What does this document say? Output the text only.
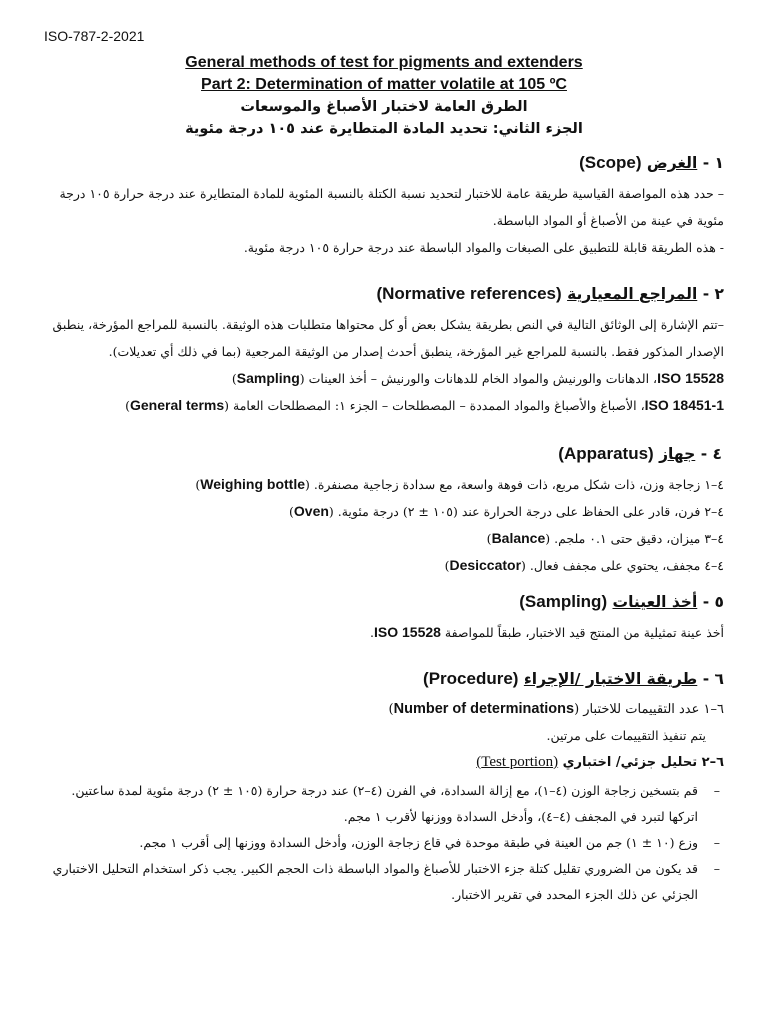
ISO-787-2-2021

General methods of test for pigments and extenders

Part 2: Determination of matter volatile at 105 ºC

الطرق العامة لاختبار الأصباغ والموسعات

الجزء الثاني: تحديد المادة المتطايرة عند ١٠٥ درجة مئوية

١ - الغرض (Scope)

– حدد هذه المواصفة القياسية طريقة عامة للاختبار لتحديد نسبة الكتلة بالنسبة المئوية للمادة المتطايرة عند درجة حرارة ١٠٥ درجة مئوية في عينة من الأصباغ أو المواد الباسطة.

- هذه الطريقة قابلة للتطبيق على الصبغات والمواد الباسطة عند درجة حرارة ١٠٥ درجة مئوية.

٢ - المراجع المعيارية (Normative references)

–تتم الإشارة إلى الوثائق التالية في النص بطريقة يشكل بعض أو كل محتواها متطلبات هذه الوثيقة. بالنسبة للمراجع المؤرخة، ينطبق الإصدار المذكور فقط. بالنسبة للمراجع غير المؤرخة، ينطبق أحدث إصدار من الوثيقة المرجعية (بما في ذلك أي تعديلات).

ISO 15528، الدهانات والورنيش والمواد الخام للدهانات والورنيش – أخذ العينات (Sampling)

ISO 18451-1، الأصباغ والأصباغ والمواد الممددة – المصطلحات – الجزء ١: المصطلحات العامة (General terms)

٤ - جهاز (Apparatus)

٤–١ زجاجة وزن، ذات شكل مربع، ذات فوهة واسعة، مع سدادة زجاجية مصنفرة. (Weighing bottle)

٤–٢ فرن، قادر على الحفاظ على درجة الحرارة عند (١٠٥ ± ٢) درجة مئوية. (Oven)

٤–٣ ميزان، دقيق حتى ٠.١ ملجم. (Balance)

٤–٤ مجفف، يحتوي على مجفف فعال. (Desiccator)

٥ - أخذ العينات (Sampling)

أخذ عينة تمثيلية من المنتج قيد الاختبار، طبقاً للمواصفة ISO 15528.

٦ - طريقة الاختبار /الإجراء (Procedure)

٦–١ عدد التقييمات للاختبار (Number of determinations)

يتم تنفيذ التقييمات على مرتين.

٦–٢ تحليل جزئي/ اختباري (Test portion)

–
قم بتسخين زجاجة الوزن (٤–١)، مع إزالة السدادة، في الفرن (٤–٢) عند درجة حرارة (١٠٥ ± ٢) درجة مئوية لمدة ساعتين. اتركها لتبرد في المجفف (٤–٤)، وأدخل السدادة ووزنها لأقرب ١ مجم.

–
وزع (١٠ ± ١) جم من العينة في طبقة موحدة في قاع زجاجة الوزن، وأدخل السدادة ووزنها إلى أقرب ١ مجم.

–
قد يكون من الضروري تقليل كتلة جزء الاختبار للأصباغ والمواد الباسطة ذات الحجم الكبير. يجب ذكر استخدام التحليل الاختباري الجزئي عن ذلك الجزء المحدد في تقرير الاختبار.
